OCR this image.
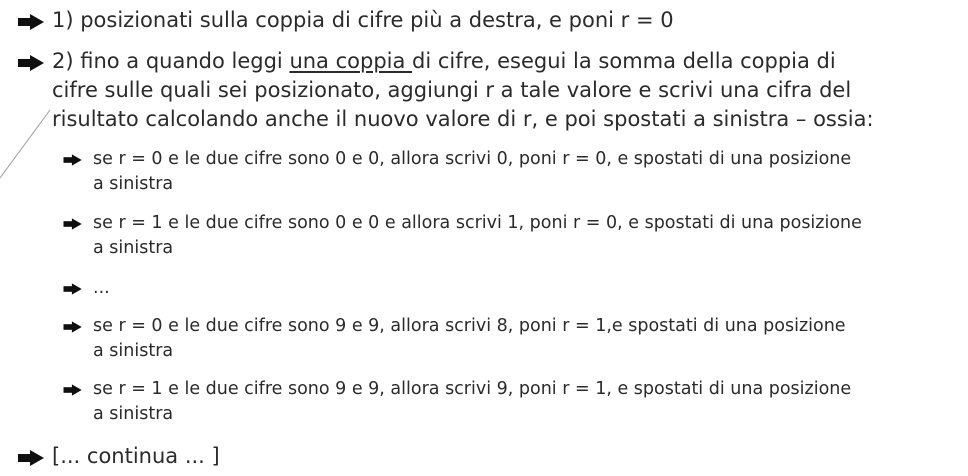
1) posizionati sulla coppia di cifre più a destra, e poni r = 0
2) fino a quando leggi una coppia di cifre, esegui la somma della coppia di
cifre sulle quali sei posizionato, aggiungi r a tale valore e scrivi una cifra del
risultato calcolando anche il nuovo valore di r, e poi spostati a sinistra – ossia:
se r = 0 e le due cifre sono 0 e 0, allora scrivi 0, poni r = 0, e spostati di una posizione
a sinistra
se r = 1 e le due cifre sono 0 e 0 e allora scrivi 1, poni r = 0, e spostati di una posizione
a sinistra
...
se r = 0 e le due cifre sono 9 e 9, allora scrivi 8, poni r = 1,e spostati di una posizione
a sinistra
se r = 1 e le due cifre sono 9 e 9, allora scrivi 9, poni r = 1, e spostati di una posizione
a sinistra
[... continua ... ]
